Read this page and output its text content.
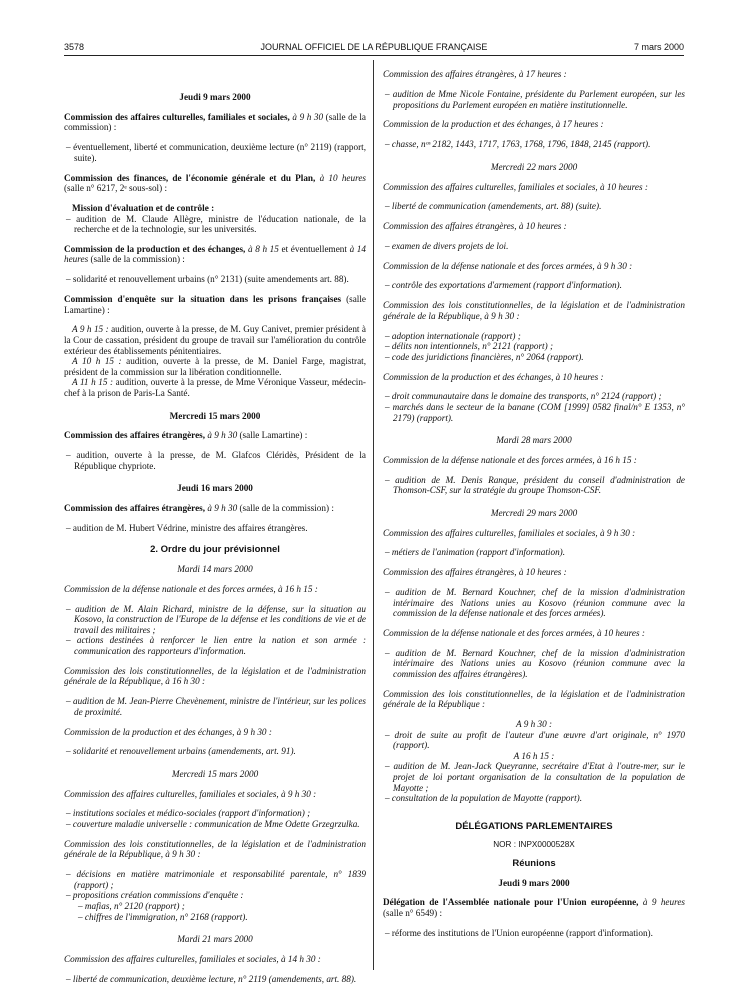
3578	JOURNAL OFFICIEL DE LA RÉPUBLIQUE FRANÇAISE	7 mars 2000

Jeudi 9 mars 2000

Commission des affaires culturelles, familiales et sociales, à 9 h 30 (salle de la commission) :

– éventuellement, liberté et communication, deuxième lecture (n° 2119) (rapport, suite).

Commission des finances, de l'économie générale et du Plan, à 10 heures (salle n° 6217, 2ᵉ sous-sol) :

Mission d'évaluation et de contrôle :

– audition de M. Claude Allègre, ministre de l'éducation nationale, de la recherche et de la technologie, sur les universités.

Commission de la production et des échanges, à 8 h 15 et éventuellement à 14 heures (salle de la commission) :

– solidarité et renouvellement urbains (n° 2131) (suite amendements art. 88).

Commission d'enquête sur la situation dans les prisons françaises (salle Lamartine) :

A 9 h 15 : audition, ouverte à la presse, de M. Guy Canivet, premier président à la Cour de cassation, président du groupe de travail sur l'amélioration du contrôle extérieur des établissements pénitentiaires.

A 10 h 15 : audition, ouverte à la presse, de M. Daniel Farge, magistrat, président de la commission sur la libération conditionnelle.

A 11 h 15 : audition, ouverte à la presse, de Mme Véronique Vasseur, médecin-chef à la prison de Paris-La Santé.

Mercredi 15 mars 2000

Commission des affaires étrangères, à 9 h 30 (salle Lamartine) :

– audition, ouverte à la presse, de M. Glafcos Cléridès, Président de la République chypriote.

Jeudi 16 mars 2000

Commission des affaires étrangères, à 9 h 30 (salle de la commission) :

– audition de M. Hubert Védrine, ministre des affaires étrangères.

2. Ordre du jour prévisionnel

Mardi 14 mars 2000

Commission de la défense nationale et des forces armées, à 16 h 15 :

– audition de M. Alain Richard, ministre de la défense, sur la situation au Kosovo, la construction de l'Europe de la défense et les conditions de vie et de travail des militaires ;

– actions destinées à renforcer le lien entre la nation et son armée : communication des rapporteurs d'information.

Commission des lois constitutionnelles, de la législation et de l'administration générale de la République, à 16 h 30 :

– audition de M. Jean-Pierre Chevènement, ministre de l'intérieur, sur les polices de proximité.

Commission de la production et des échanges, à 9 h 30 :

– solidarité et renouvellement urbains (amendements, art. 91).

Mercredi 15 mars 2000

Commission des affaires culturelles, familiales et sociales, à 9 h 30 :

– institutions sociales et médico-sociales (rapport d'information) ;

– couverture maladie universelle : communication de Mme Odette Grzegrzulka.

Commission des lois constitutionnelles, de la législation et de l'administration générale de la République, à 9 h 30 :

– décisions en matière matrimoniale et responsabilité parentale, n° 1839 (rapport) ;

– propositions création commissions d'enquête :

– mafias, n° 2120 (rapport) ;

– chiffres de l'immigration, n° 2168 (rapport).

Mardi 21 mars 2000

Commission des affaires culturelles, familiales et sociales, à 14 h 30 :

– liberté de communication, deuxième lecture, n° 2119 (amendements, art. 88).

Commission des affaires étrangères, à 17 heures :

– audition de Mme Nicole Fontaine, présidente du Parlement européen, sur les propositions du Parlement européen en matière institutionnelle.

Commission de la production et des échanges, à 17 heures :

– chasse, nᵒˢ 2182, 1443, 1717, 1763, 1768, 1796, 1848, 2145 (rapport).

Mercredi 22 mars 2000

Commission des affaires culturelles, familiales et sociales, à 10 heures :

– liberté de communication (amendements, art. 88) (suite).

Commission des affaires étrangères, à 10 heures :

– examen de divers projets de loi.

Commission de la défense nationale et des forces armées, à 9 h 30 :

– contrôle des exportations d'armement (rapport d'information).

Commission des lois constitutionnelles, de la législation et de l'administration générale de la République, à 9 h 30 :

– adoption internationale (rapport) ;

– délits non intentionnels, n° 2121 (rapport) ;

– code des juridictions financières, n° 2064 (rapport).

Commission de la production et des échanges, à 10 heures :

– droit communautaire dans le domaine des transports, n° 2124 (rapport) ;

– marchés dans le secteur de la banane (COM [1999] 0582 final/n° E 1353, n° 2179) (rapport).

Mardi 28 mars 2000

Commission de la défense nationale et des forces armées, à 16 h 15 :

– audition de M. Denis Ranque, président du conseil d'administration de Thomson-CSF, sur la stratégie du groupe Thomson-CSF.

Mercredi 29 mars 2000

Commission des affaires culturelles, familiales et sociales, à 9 h 30 :

– métiers de l'animation (rapport d'information).

Commission des affaires étrangères, à 10 heures :

– audition de M. Bernard Kouchner, chef de la mission d'administration intérimaire des Nations unies au Kosovo (réunion commune avec la commission de la défense nationale et des forces armées).

Commission de la défense nationale et des forces armées, à 10 heures :

– audition de M. Bernard Kouchner, chef de la mission d'administration intérimaire des Nations unies au Kosovo (réunion commune avec la commission des affaires étrangères).

Commission des lois constitutionnelles, de la législation et de l'administration générale de la République :

A 9 h 30 :

– droit de suite au profit de l'auteur d'une œuvre d'art originale, n° 1970 (rapport).

A 16 h 15 :

– audition de M. Jean-Jack Queyranne, secrétaire d'Etat à l'outre-mer, sur le projet de loi portant organisation de la consultation de la population de Mayotte ;

– consultation de la population de Mayotte (rapport).

DÉLÉGATIONS PARLEMENTAIRES

NOR : INPX0000528X

Réunions

Jeudi 9 mars 2000

Délégation de l'Assemblée nationale pour l'Union européenne, à 9 heures (salle n° 6549) :

– réforme des institutions de l'Union européenne (rapport d'information).
